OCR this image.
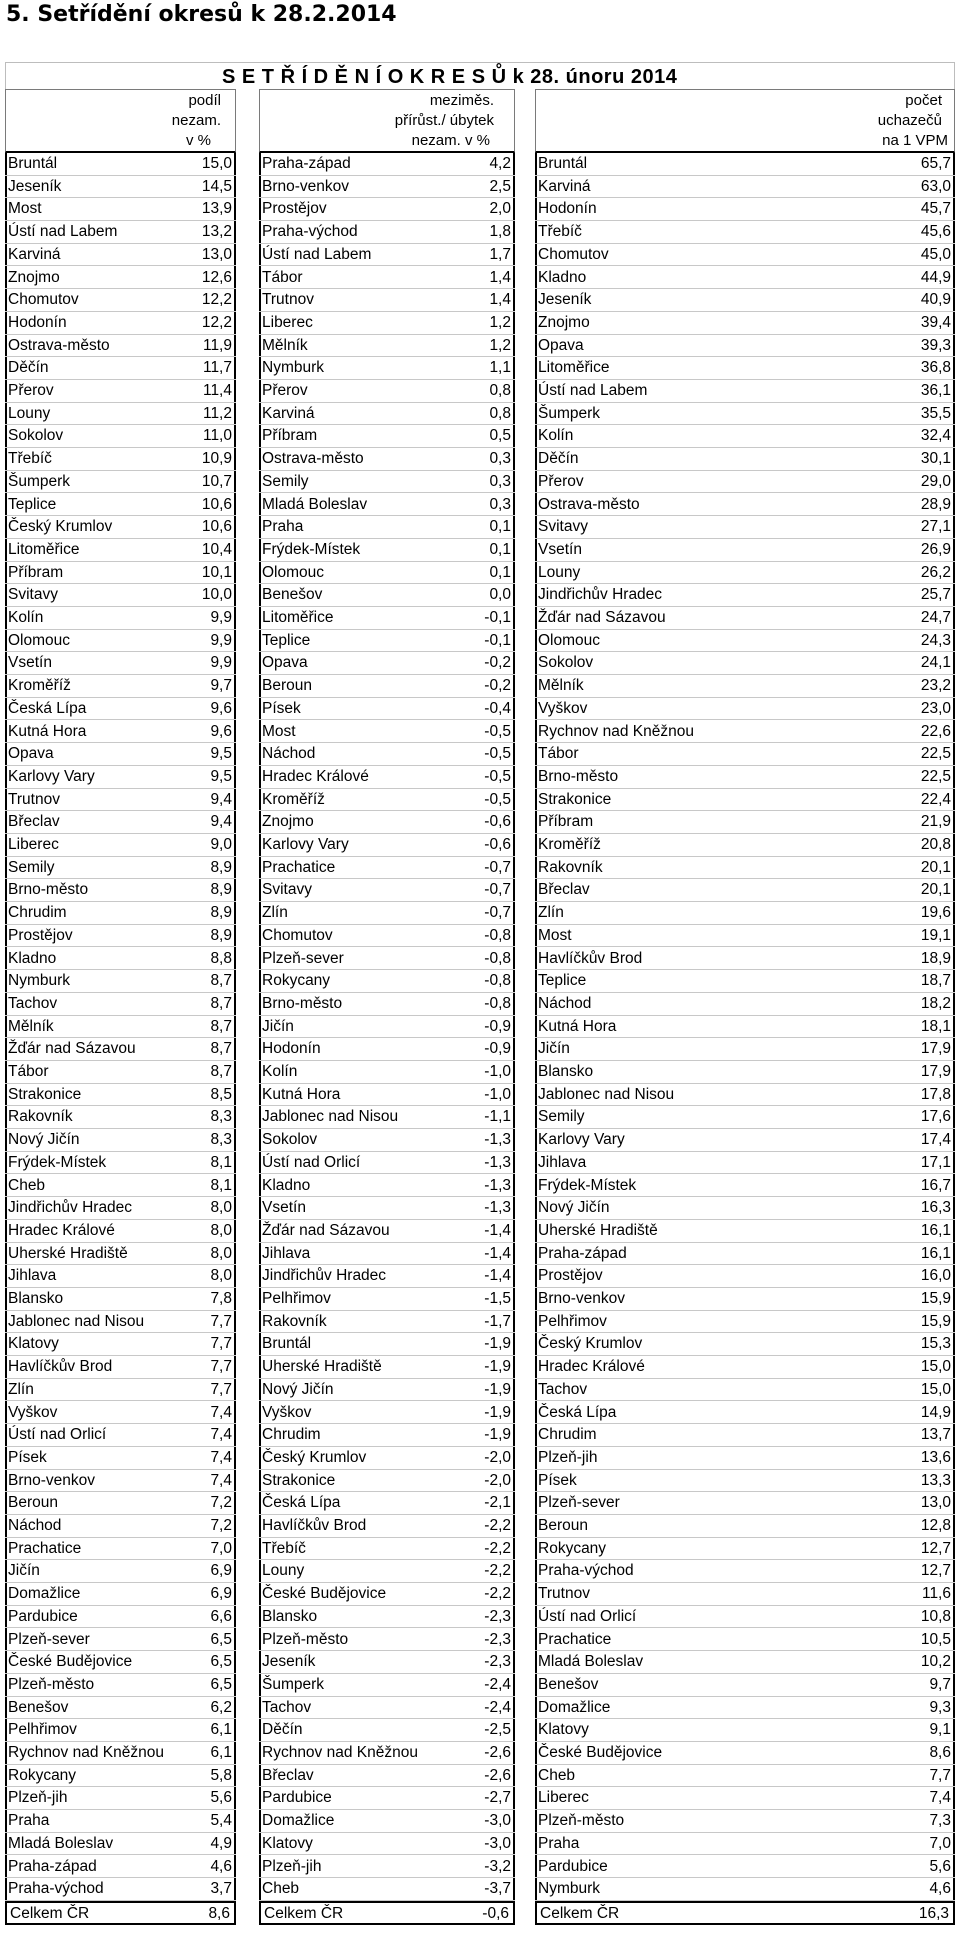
5. Setřídění okresů k 28.2.2014
S E T Ř Í D Ě N Í O K R E S Ů k 28. únoru 2014
podíl
nezam.
v %
Bruntál	15,0
Jeseník	14,5
Most	13,9
Ústí nad Labem	13,2
Karviná	13,0
Znojmo	12,6
Chomutov	12,2
Hodonín	12,2
Ostrava-město	11,9
Děčín	11,7
Přerov	11,4
Louny	11,2
Sokolov	11,0
Třebíč	10,9
Šumperk	10,7
Teplice	10,6
Český Krumlov	10,6
Litoměřice	10,4
Příbram	10,1
Svitavy	10,0
Kolín	9,9
Olomouc	9,9
Vsetín	9,9
Kroměříž	9,7
Česká Lípa	9,6
Kutná Hora	9,6
Opava	9,5
Karlovy Vary	9,5
Trutnov	9,4
Břeclav	9,4
Liberec	9,0
Semily	8,9
Brno-město	8,9
Chrudim	8,9
Prostějov	8,9
Kladno	8,8
Nymburk	8,7
Tachov	8,7
Mělník	8,7
Žďár nad Sázavou	8,7
Tábor	8,7
Strakonice	8,5
Rakovník	8,3
Nový Jičín	8,3
Frýdek-Místek	8,1
Cheb	8,1
Jindřichův Hradec	8,0
Hradec Králové	8,0
Uherské Hradiště	8,0
Jihlava	8,0
Blansko	7,8
Jablonec nad Nisou	7,7
Klatovy	7,7
Havlíčkův Brod	7,7
Zlín	7,7
Vyškov	7,4
Ústí nad Orlicí	7,4
Písek	7,4
Brno-venkov	7,4
Beroun	7,2
Náchod	7,2
Prachatice	7,0
Jičín	6,9
Domažlice	6,9
Pardubice	6,6
Plzeň-sever	6,5
České Budějovice	6,5
Plzeň-město	6,5
Benešov	6,2
Pelhřimov	6,1
Rychnov nad Kněžnou	6,1
Rokycany	5,8
Plzeň-jih	5,6
Praha	5,4
Mladá Boleslav	4,9
Praha-západ	4,6
Praha-východ	3,7
Celkem ČR	8,6
meziměs.
přírůst./ úbytek
nezam. v %
Praha-západ	4,2
Brno-venkov	2,5
Prostějov	2,0
Praha-východ	1,8
Ústí nad Labem	1,7
Tábor	1,4
Trutnov	1,4
Liberec	1,2
Mělník	1,2
Nymburk	1,1
Přerov	0,8
Karviná	0,8
Příbram	0,5
Ostrava-město	0,3
Semily	0,3
Mladá Boleslav	0,3
Praha	0,1
Frýdek-Místek	0,1
Olomouc	0,1
Benešov	0,0
Litoměřice	-0,1
Teplice	-0,1
Opava	-0,2
Beroun	-0,2
Písek	-0,4
Most	-0,5
Náchod	-0,5
Hradec Králové	-0,5
Kroměříž	-0,5
Znojmo	-0,6
Karlovy Vary	-0,6
Prachatice	-0,7
Svitavy	-0,7
Zlín	-0,7
Chomutov	-0,8
Plzeň-sever	-0,8
Rokycany	-0,8
Brno-město	-0,8
Jičín	-0,9
Hodonín	-0,9
Kolín	-1,0
Kutná Hora	-1,0
Jablonec nad Nisou	-1,1
Sokolov	-1,3
Ústí nad Orlicí	-1,3
Kladno	-1,3
Vsetín	-1,3
Žďár nad Sázavou	-1,4
Jihlava	-1,4
Jindřichův Hradec	-1,4
Pelhřimov	-1,5
Rakovník	-1,7
Bruntál	-1,9
Uherské Hradiště	-1,9
Nový Jičín	-1,9
Vyškov	-1,9
Chrudim	-1,9
Český Krumlov	-2,0
Strakonice	-2,0
Česká Lípa	-2,1
Havlíčkův Brod	-2,2
Třebíč	-2,2
Louny	-2,2
České Budějovice	-2,2
Blansko	-2,3
Plzeň-město	-2,3
Jeseník	-2,3
Šumperk	-2,4
Tachov	-2,4
Děčín	-2,5
Rychnov nad Kněžnou	-2,6
Břeclav	-2,6
Pardubice	-2,7
Domažlice	-3,0
Klatovy	-3,0
Plzeň-jih	-3,2
Cheb	-3,7
Celkem ČR	-0,6
počet
uchazečů
na 1 VPM
Bruntál	65,7
Karviná	63,0
Hodonín	45,7
Třebíč	45,6
Chomutov	45,0
Kladno	44,9
Jeseník	40,9
Znojmo	39,4
Opava	39,3
Litoměřice	36,8
Ústí nad Labem	36,1
Šumperk	35,5
Kolín	32,4
Děčín	30,1
Přerov	29,0
Ostrava-město	28,9
Svitavy	27,1
Vsetín	26,9
Louny	26,2
Jindřichův Hradec	25,7
Žďár nad Sázavou	24,7
Olomouc	24,3
Sokolov	24,1
Mělník	23,2
Vyškov	23,0
Rychnov nad Kněžnou	22,6
Tábor	22,5
Brno-město	22,5
Strakonice	22,4
Příbram	21,9
Kroměříž	20,8
Rakovník	20,1
Břeclav	20,1
Zlín	19,6
Most	19,1
Havlíčkův Brod	18,9
Teplice	18,7
Náchod	18,2
Kutná Hora	18,1
Jičín	17,9
Blansko	17,9
Jablonec nad Nisou	17,8
Semily	17,6
Karlovy Vary	17,4
Jihlava	17,1
Frýdek-Místek	16,7
Nový Jičín	16,3
Uherské Hradiště	16,1
Praha-západ	16,1
Prostějov	16,0
Brno-venkov	15,9
Pelhřimov	15,9
Český Krumlov	15,3
Hradec Králové	15,0
Tachov	15,0
Česká Lípa	14,9
Chrudim	13,7
Plzeň-jih	13,6
Písek	13,3
Plzeň-sever	13,0
Beroun	12,8
Rokycany	12,7
Praha-východ	12,7
Trutnov	11,6
Ústí nad Orlicí	10,8
Prachatice	10,5
Mladá Boleslav	10,2
Benešov	9,7
Domažlice	9,3
Klatovy	9,1
České Budějovice	8,6
Cheb	7,7
Liberec	7,4
Plzeň-město	7,3
Praha	7,0
Pardubice	5,6
Nymburk	4,6
Celkem ČR	16,3
